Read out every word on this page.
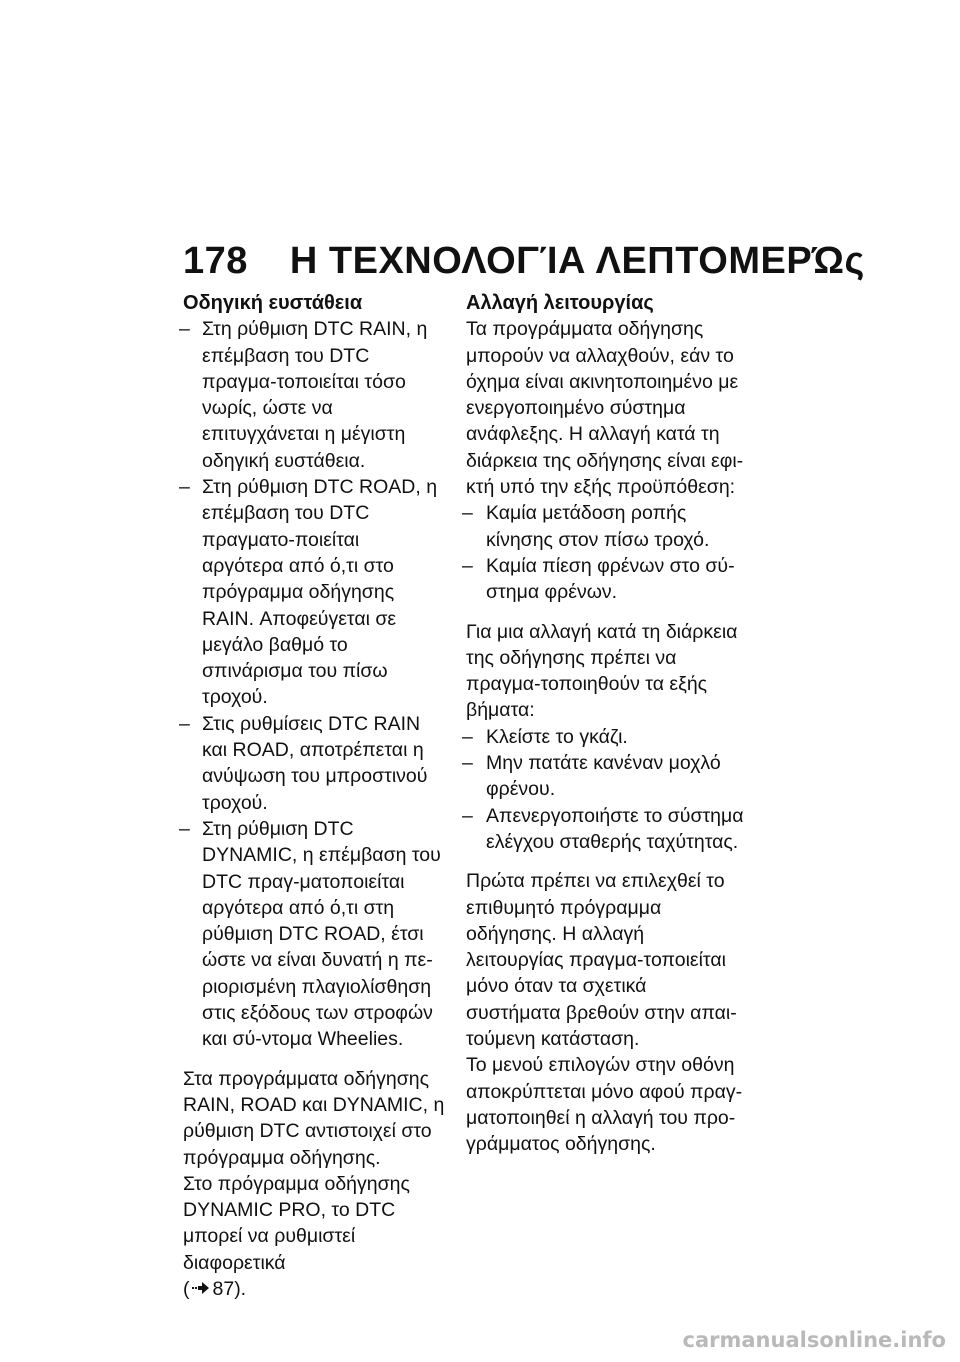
178 Η ΤΕΧΝΟΛΟΓΊΑ ΛΕΠΤΟΜΕΡΏς
Οδηγική ευστάθεια
– Στη ρύθμιση DTC RAIN, η επέμβαση του DTC πραγμα-τοποιείται τόσο νωρίς, ώστε να επιτυγχάνεται η μέγιστη οδηγική ευστάθεια.
– Στη ρύθμιση DTC ROAD, η επέμβαση του DTC πραγματο-ποιείται αργότερα από ό,τι στο πρόγραμμα οδήγησης RAIN. Αποφεύγεται σε μεγάλο βαθμό το σπινάρισμα του πίσω τροχού.
– Στις ρυθμίσεις DTC RAIN και ROAD, αποτρέπεται η ανύψωση του μπροστινού τροχού.
– Στη ρύθμιση DTC DYNAMIC, η επέμβαση του DTC πραγ-ματοποιείται αργότερα από ό,τι στη ρύθμιση DTC ROAD, έτσι ώστε να είναι δυνατή η πε-ριορισμένη πλαγιολίσθηση στις εξόδους των στροφών και σύ-ντομα Wheelies.

Στα προγράμματα οδήγησης RAIN, ROAD και DYNAMIC, η ρύθμιση DTC αντιστοιχεί στο πρόγραμμα οδήγησης.

Στο πρόγραμμα οδήγησης DYNAMIC PRO, το DTC μπορεί να ρυθμιστεί διαφορετικά
( 87).

Αλλαγή λειτουργίας

Τα προγράμματα οδήγησης μπορούν να αλλαχθούν, εάν το όχημα είναι ακινητοποιημένο με ενεργοποιημένο σύστημα ανάφλεξης. Η αλλαγή κατά τη διάρκεια της οδήγησης είναι εφι-κτή υπό την εξής προϋπόθεση:

– Καμία μετάδοση ροπής κίνησης στον πίσω τροχό.
– Καμία πίεση φρένων στο σύ-στημα φρένων.

Για μια αλλαγή κατά τη διάρκεια της οδήγησης πρέπει να πραγμα-τοποιηθούν τα εξής βήματα:

– Κλείστε το γκάζι.
– Μην πατάτε κανέναν μοχλό φρένου.
– Απενεργοποιήστε το σύστημα ελέγχου σταθερής ταχύτητας.

Πρώτα πρέπει να επιλεχθεί το επιθυμητό πρόγραμμα οδήγησης. Η αλλαγή λειτουργίας πραγμα-τοποιείται μόνο όταν τα σχετικά συστήματα βρεθούν στην απαι-τούμενη κατάσταση.

Το μενού επιλογών στην οθόνη αποκρύπτεται μόνο αφού πραγ-ματοποιηθεί η αλλαγή του προ-γράμματος οδήγησης.

carmanualsonline.info
